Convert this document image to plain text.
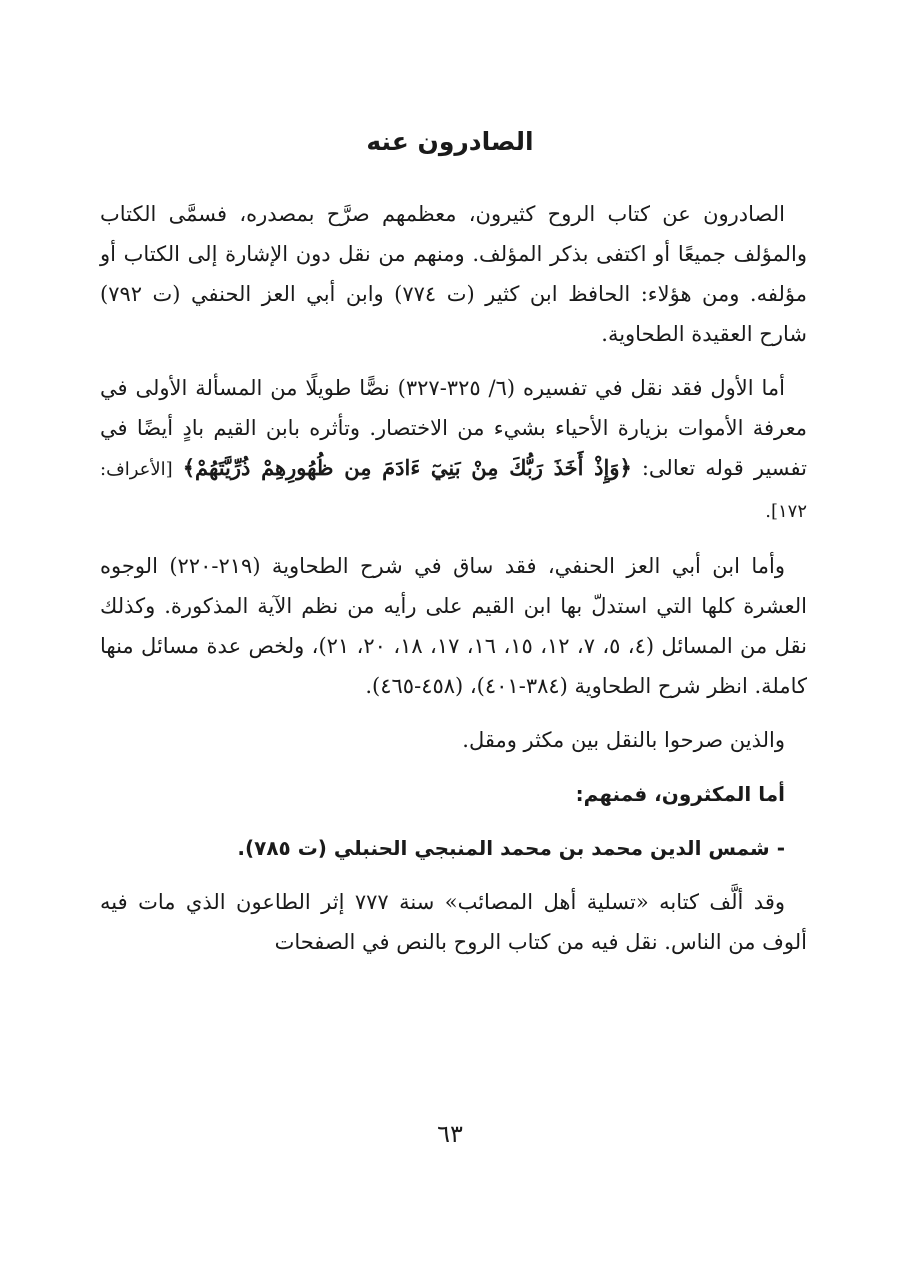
الصادرون عنه

الصادرون عن كتاب الروح كثيرون، معظمهم صرَّح بمصدره، فسمَّى الكتاب والمؤلف جميعًا أو اكتفى بذكر المؤلف. ومنهم من نقل دون الإشارة إلى الكتاب أو مؤلفه. ومن هؤلاء: الحافظ ابن كثير (ت ٧٧٤) وابن أبي العز الحنفي (ت ٧٩٢) شارح العقيدة الطحاوية.

أما الأول فقد نقل في تفسيره (٦/ ٣٢٥-٣٢٧) نصًّا طويلًا من المسألة الأولى في معرفة الأموات بزيارة الأحياء بشيء من الاختصار. وتأثره بابن القيم بادٍ أيضًا في تفسير قوله تعالى: ﴿وَإِذْ أَخَذَ رَبُّكَ مِنْ بَنِيٓ ءَادَمَ مِن ظُهُورِهِمْ ذُرِّيَّتَهُمْ﴾ [الأعراف: ١٧٢].

وأما ابن أبي العز الحنفي، فقد ساق في شرح الطحاوية (٢١٩-٢٢٠) الوجوه العشرة كلها التي استدلّ بها ابن القيم على رأيه من نظم الآية المذكورة. وكذلك نقل من المسائل (٤، ٥، ٧، ١٢، ١٥، ١٦، ١٧، ١٨، ٢٠، ٢١)، ولخص عدة مسائل منها كاملة. انظر شرح الطحاوية (٣٨٤-٤٠١)، (٤٥٨-٤٦٥).

والذين صرحوا بالنقل بين مكثر ومقل.

أما المكثرون، فمنهم:

- شمس الدين محمد بن محمد المنبجي الحنبلي (ت ٧٨٥).

وقد ألَّف كتابه «تسلية أهل المصائب» سنة ٧٧٧ إثر الطاعون الذي مات فيه ألوف من الناس. نقل فيه من كتاب الروح بالنص في الصفحات

٦٣
